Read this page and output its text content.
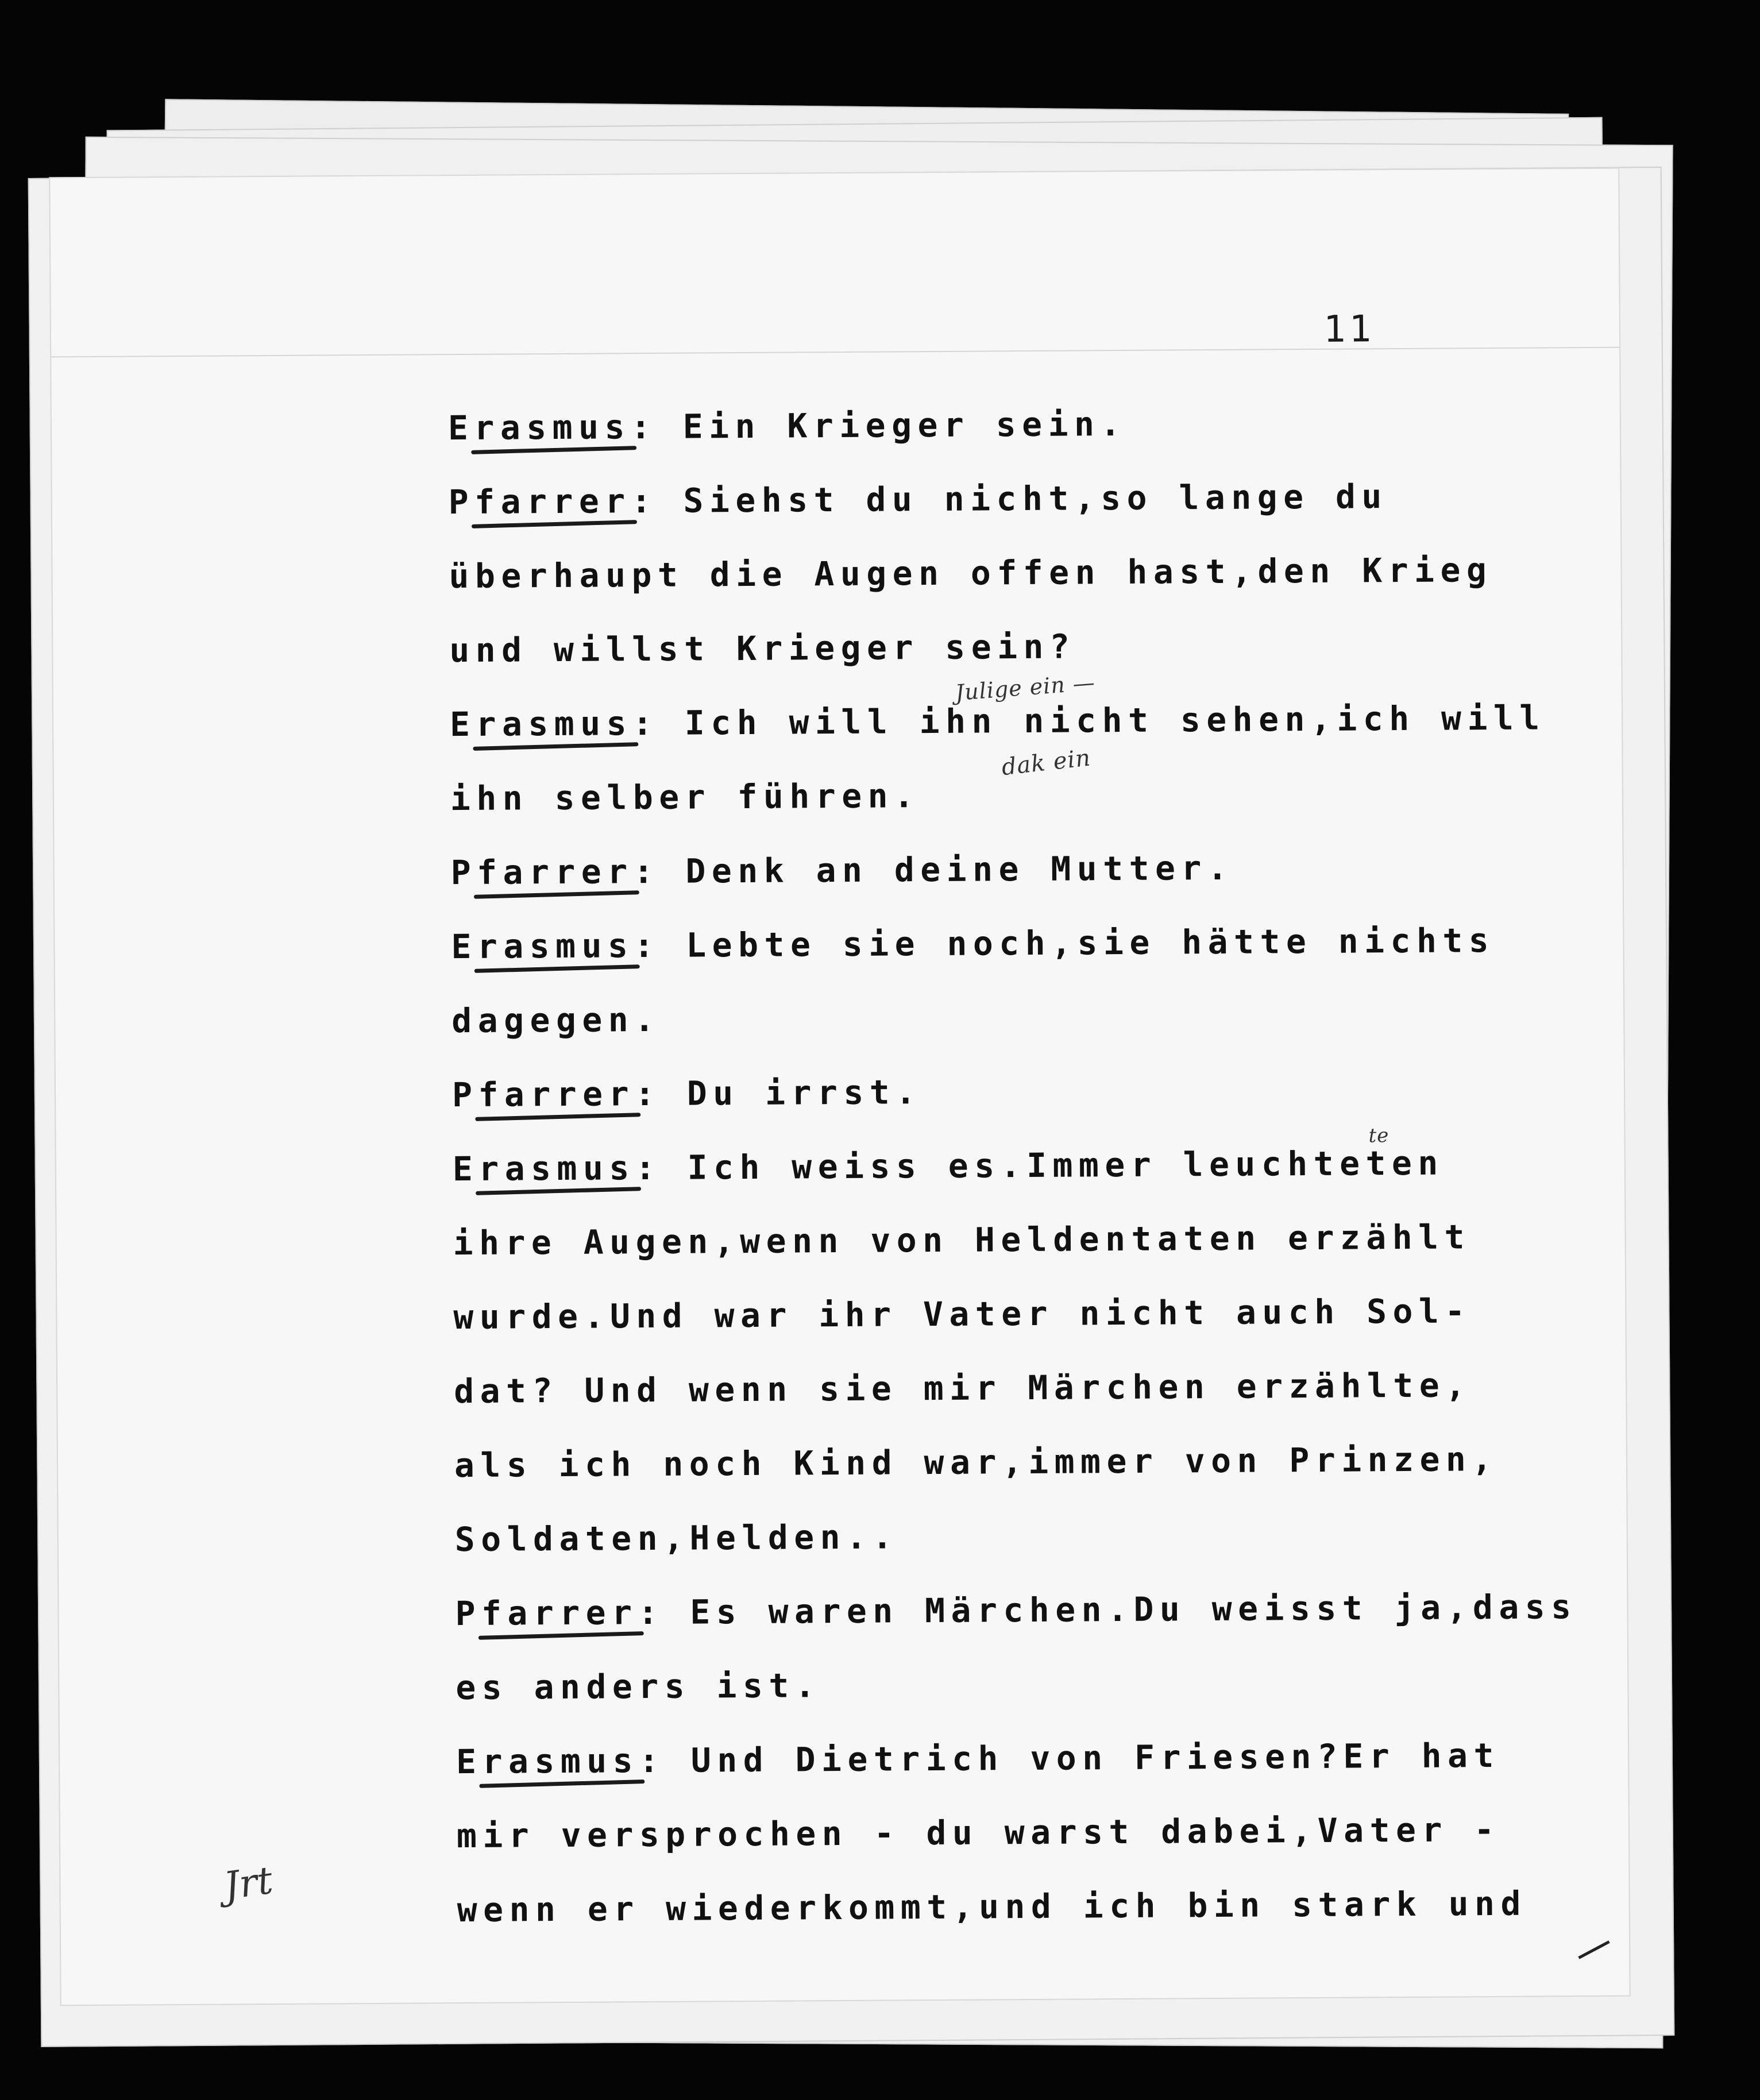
11
Erasmus: Ein Krieger sein.
Pfarrer: Siehst du nicht,so lange du
überhaupt die Augen offen hast,den Krieg
und willst Krieger sein?
Julige ein —
Erasmus: Ich will ihn nicht sehen,ich will
dak ein
ihn selber führen.
Pfarrer: Denk an deine Mutter.
Erasmus: Lebte sie noch,sie hätte nichts
dagegen.
Pfarrer: Du irrst.
te
Erasmus: Ich weiss es.Immer leuchteten
ihre Augen,wenn von Heldentaten erzählt
wurde.Und war ihr Vater nicht auch Sol-
dat? Und wenn sie mir Märchen erzählte,
als ich noch Kind war,immer von Prinzen,
Soldaten,Helden..
Pfarrer: Es waren Märchen.Du weisst ja,dass
es anders ist.
Erasmus: Und Dietrich von Friesen?Er hat
mir versprochen - du warst dabei,Vater -
wenn er wiederkommt,und ich bin stark und
Jrt
